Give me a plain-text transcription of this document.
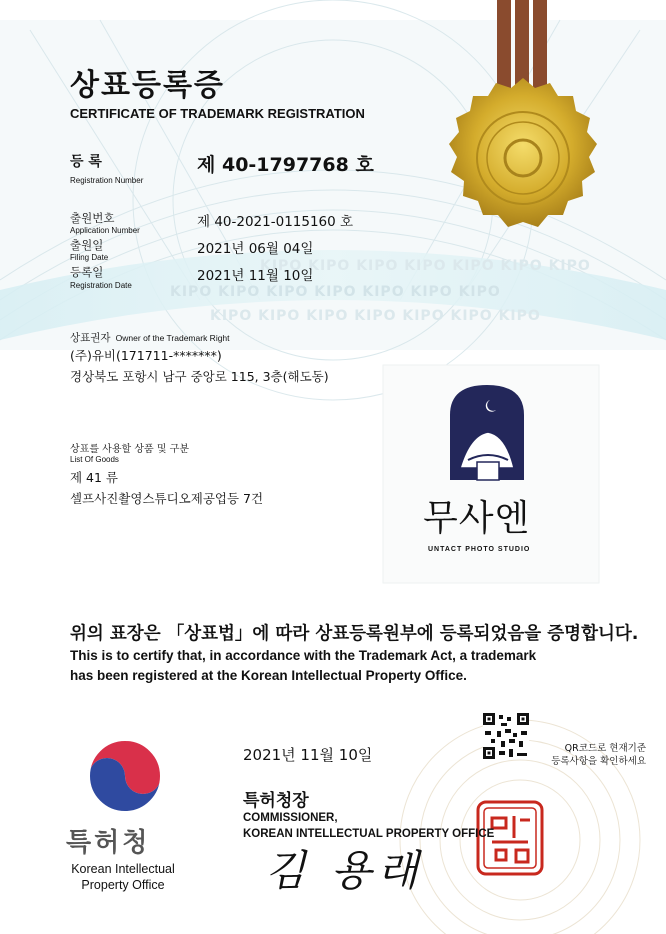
KIPO KIPO KIPO KIPO KIPO KIPO KIPO
KIPO KIPO KIPO KIPO KIPO KIPO KIPO
KIPO KIPO KIPO KIPO KIPO KIPO KIPO
상표등록증
CERTIFICATE OF TRADEMARK REGISTRATION
등 록
Registration Number
제 40-1797768 호
출원번호
Application Number
제 40-2021-0115160 호
출원일
Filing Date
2021년 06월 04일
등록일
Registration Date
2021년 11월 10일
상표권자 Owner of the Trademark Right
(주)유비(171711-*******)
경상북도 포항시 남구 중앙로 115, 3층(해도동)
상표를 사용할 상품 및 구분
List Of Goods
제 41 류
셀프사진촬영스튜디오제공업등 7건	무사엔
UNTACT PHOTO STUDIO
위의 표장은 「상표법」에 따라 상표등록원부에 등록되었음을 증명합니다.
This is to certify that, in accordance with the Trademark Act, a trademark
has been registered at the Korean Intellectual Property Office.
2021년 11월 10일	QR코드로 현재기준
등록사항을 확인하세요
특허청장
COMMISSIONER,
KOREAN INTELLECTUAL PROPERTY OFFICE
김 용래
특허청
Korean Intellectual
Property Office
